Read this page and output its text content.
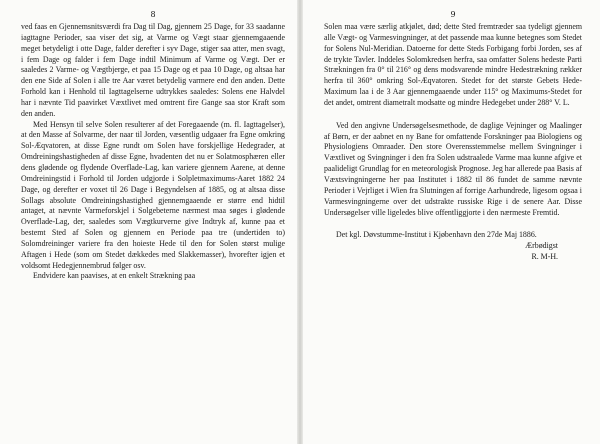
8

ved faas en Gjennemsnitsværdi fra Dag til Dag, gjennem 25 Dage, for 33 saadanne iagttagne Perioder, saa viser det sig, at Varme og Vægt staar gjennemgaaende meget betydeligt i otte Dage, falder derefter i syv Dage, stiger saa atter, men svagt, i fem Dage og falder i fem Dage indtil Minimum af Varme og Vægt. Der er saaledes 2 Varme- og Vægtbjerge, et paa 15 Dage og et paa 10 Dage, og altsaa har den ene Side af Solen i alle tre Aar været betydelig varmere end den anden. Dette Forhold kan i Henhold til Iagttagelserne udtrykkes saaledes: Solens ene Halvdel har i nævnte Tid paavirket Væxtlivet med omtrent fire Gange saa stor Kraft som den anden.

Med Hensyn til selve Solen resulterer af det Foregaaende (m. fl. Iagttagelser), at den Masse af Solvarme, der naar til Jorden, væsentlig udgaaer fra Egne omkring Sol-Æqvatoren, at disse Egne rundt om Solen have forskjellige Hedegrader, at Omdreiningshastigheden af disse Egne, hvadenten det nu er Solatmosphæren eller dens glødende og flydende Overflade-Lag, kan variere gjennem Aarene, at denne Omdreiningstid i Forhold til Jorden udgjorde i Solpletmaximums-Aaret 1882 24 Dage, og derefter er voxet til 26 Dage i Begyndelsen af 1885, og at altsaa disse Sollags absolute Omdreiningshastighed gjennemgaaende er større end hidtil antaget, at nævnte Varmeforskjel i Solgebeterne nærmest maa søges i glødende Overflade-Lag, der, saaledes som Vægtkurverne give Indtryk af, kunne paa et bestemt Sted af Solen og gjennem en Periode paa tre (undertiden to) Solomdreininger variere fra den hoieste Hede til den for Solen størst mulige Aftagen i Hede (som om Stedet dækkedes med Slakkemasser), hvorefter igjen et voldsomt Hedegjennembrud følger osv.

Endvidere kan paavises, at en enkelt Strækning paa

9

Solen maa være særlig atkjølet, død; dette Sted fremtræder saa tydeligt gjennem alle Vægt- og Varmesvingninger, at det passende maa kunne betegnes som Stedet for Solens Nul-Meridian. Datoerne for dette Steds Forbigang forbi Jorden, ses af de trykte Tavler. Inddeles Solomkredsen herfra, saa omfatter Solens hedeste Parti Strækningen fra 0° til 216° og dens modsvarende mindre Hedestrækning rækker herfra til 360° omkring Sol-Æqvatoren. Stedet for det største Gebets Hede-Maximum laa i de 3 Aar gjennemgaaende under 115° og Maximums-Stedet for det andet, omtrent diametralt modsatte og mindre Hedegebet under 288° V. L.

Ved den angivne Undersøgelsesmethode, de daglige Vejninger og Maalinger af Børn, er der aabnet en ny Bane for omfattende Forskninger paa Biologiens og Physiologiens Omraader. Den store Overensstemmelse mellem Svingninger i Væxtlivet og Svingninger i den fra Solen udstraalede Varme maa kunne afgive et paalideligt Grundlag for en meteorologisk Prognose. Jeg har allerede paa Basis af Væxtsvingningerne her paa Institutet i 1882 til 86 fundet de samme nævnte Perioder i Vejrliget i Wien fra Slutningen af forrige Aarhundrede, ligesom ogsaa i Varmesvingningerne over det udstrakte russiske Rige i de senere Aar. Disse Undersøgelser ville ligeledes blive offentliggjorte i den nærmeste Fremtid.

Det kgl. Døvstumme-Institut i Kjøbenhavn den 27de Maj 1886.

Ærbødigst

R. M-H.
